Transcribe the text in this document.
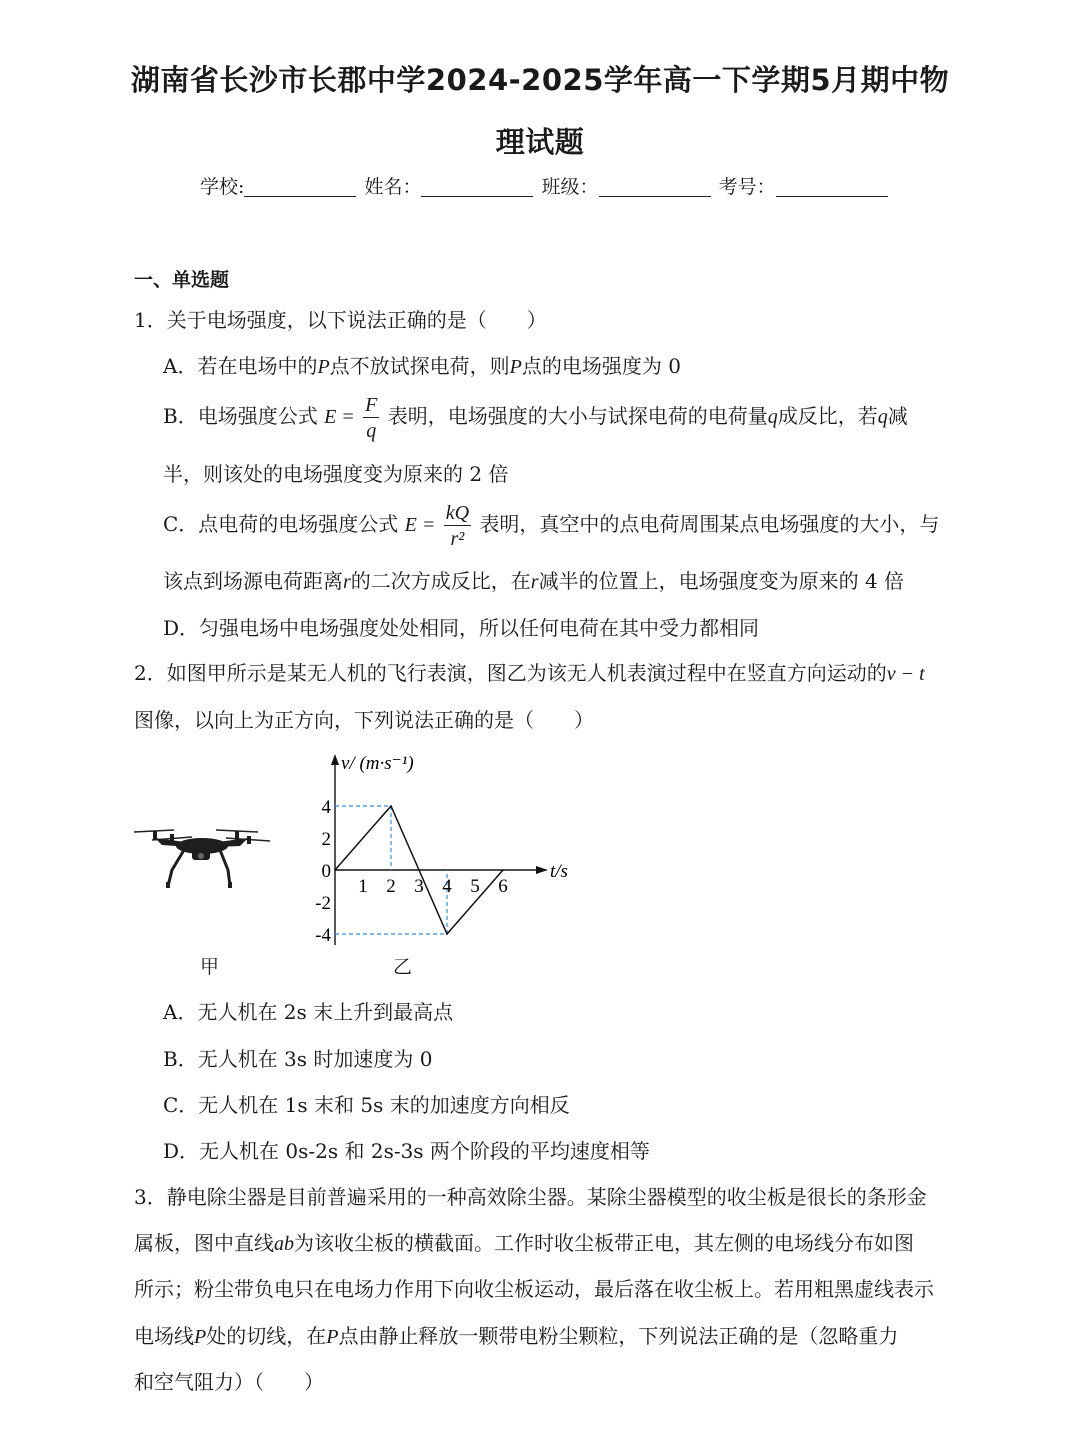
湖南省长沙市长郡中学2024-2025学年高一下学期5月期中物
理试题
学校:	姓名：	班级：	考号：
一、单选题
1．关于电场强度，以下说法正确的是（　　）
A．若在电场中的P点不放试探电荷，则P点的电场强度为 0
B．电场强度公式 $E = \frac{F}{q}$ 表明，电场强度的大小与试探电荷的电荷量q成反比，若q减
半，则该处的电场强度变为原来的 2 倍
C．点电荷的电场强度公式 $E = \frac{kQ}{\text{r²}}$ 表明，真空中的点电荷周围某点电场强度的大小，与
该点到场源电荷距离r的二次方成反比，在r减半的位置上，电场强度变为原来的 4 倍
D．匀强电场中电场强度处处相同，所以任何电荷在其中受力都相同
2．如图甲所示是某无人机的飞行表演，图乙为该无人机表演过程中在竖直方向运动的v − t
图像，以向上为正方向，下列说法正确的是（　　）
甲
v/ (m·s⁻¹)
t/s
1 2 3 4 5 6
4
2
0
-2
-4
乙
A．无人机在 2s 末上升到最高点
B．无人机在 3s 时加速度为 0
C．无人机在 1s 末和 5s 末的加速度方向相反
D．无人机在 0s-2s 和 2s-3s 两个阶段的平均速度相等
3．静电除尘器是目前普遍采用的一种高效除尘器。某除尘器模型的收尘板是很长的条形金
属板，图中直线ab为该收尘板的横截面。工作时收尘板带正电，其左侧的电场线分布如图
所示；粉尘带负电只在电场力作用下向收尘板运动，最后落在收尘板上。若用粗黑虚线表示
电场线P处的切线，在P点由静止释放一颗带电粉尘颗粒，下列说法正确的是（忽略重力
和空气阻力）（　　）
